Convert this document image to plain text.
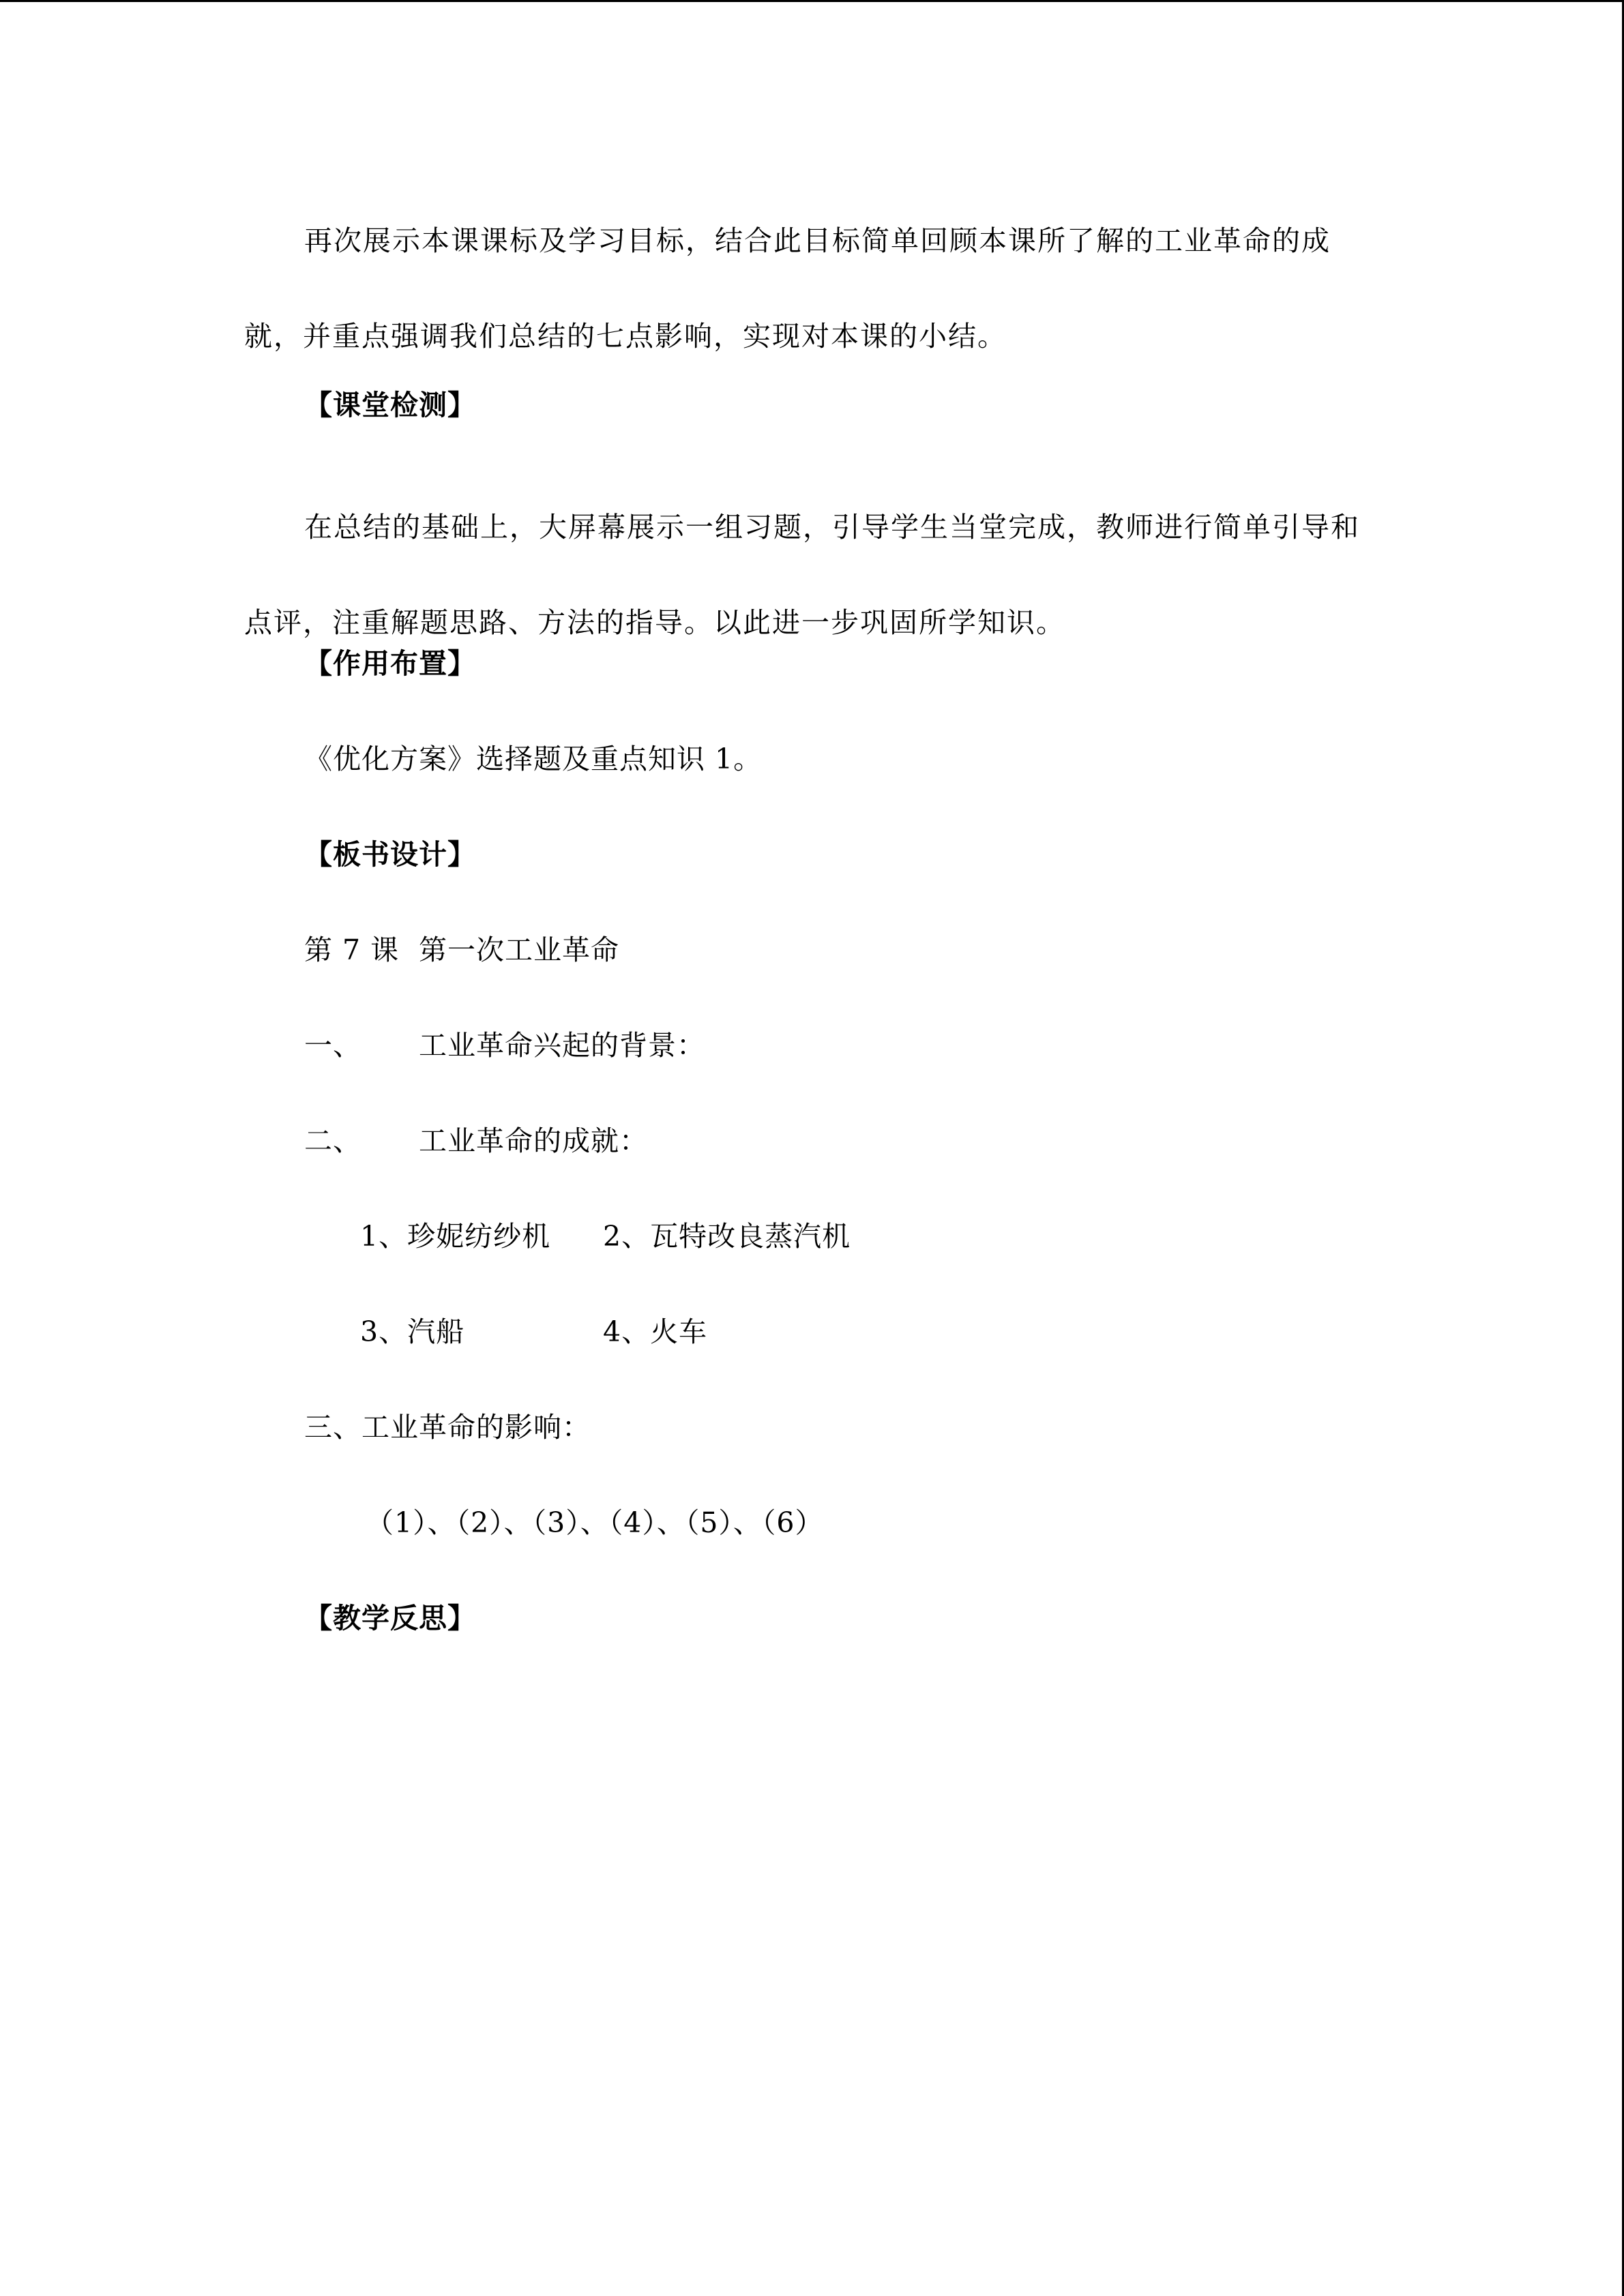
再次展示本课课标及学习目标，结合此目标简单回顾本课所了解的工业革命的成就，并重点强调我们总结的七点影响，实现对本课的小结。
【课堂检测】
在总结的基础上，大屏幕展示一组习题，引导学生当堂完成，教师进行简单引导和点评，注重解题思路、方法的指导。以此进一步巩固所学知识。
【作用布置】
《优化方案》选择题及重点知识 1。
【板书设计】
第 7 课 第一次工业革命
一、 工业革命兴起的背景：
二、 工业革命的成就：
1、珍妮纺纱机 2、瓦特改良蒸汽机
3、汽船	4、火车
三、工业革命的影响：
（1）、（2）、（3）、（4）、（5）、（6）
【教学反思】
